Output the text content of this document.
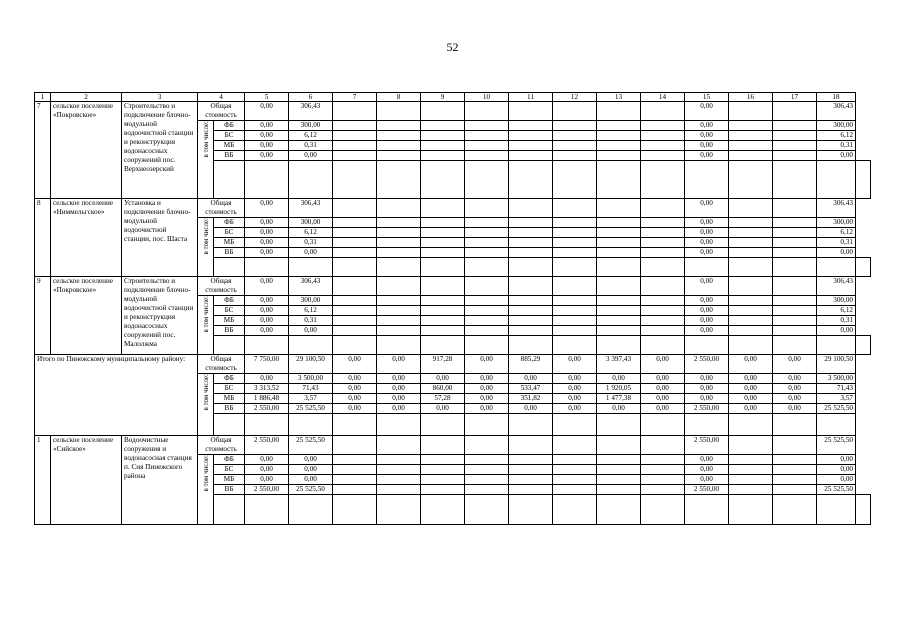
52
1	2	3	4		5	6	7	8	9	10	11	12	13	14	15	16	17	18	
7	сельское поселение «Покровское»	Строительство и подключение блочно-модульной водоочистной станции и реконструкция водонасосных сооружений пос. Верхнеозерский	Общая стоимость		0,00	306,43									0,00			306,43	
			в том числе:	ФБ	0,00	300,00									0,00			300,00	
				БС	0,00	6,12									0,00			6,12	
				МБ	0,00	0,31									0,00			0,31	
				ВБ	0,00	0,00									0,00			0,00	

8	сельское поселение «Ниммельгское»	Установка и подключение блочно-модульной водоочистной станции, пос. Шаста	Общая стоимость		0,00	306,43									0,00			306,43	
			в том числе:	ФБ	0,00	300,00									0,00			300,00	
				БС	0,00	6,12									0,00			6,12	
				МБ	0,00	0,31									0,00			0,31	
				ВБ	0,00	0,00									0,00			0,00	

9	сельское поселение «Покровское»	Строительство и подключение блочно-модульной водоочистной станции и реконструкция водонасосных сооружений пос. Малолжма	Общая стоимость		0,00	306,43									0,00			306,43	
			в том числе:	ФБ	0,00	300,00									0,00			300,00	
				БС	0,00	6,12									0,00			6,12	
				МБ	0,00	0,31									0,00			0,31	
				ВБ	0,00	0,00									0,00			0,00	

Итого по Пинежскому муниципальному району:			Общая стоимость		7 750,00	29 100,50	0,00	0,00	917,28	0,00	885,29	0,00	3 397,43	0,00	2 550,00	0,00	0,00	29 100,50	
			в том числе:	ФБ	0,00	3 500,00	0,00	0,00	0,00	0,00	0,00	0,00	0,00	0,00	0,00	0,00	0,00	3 500,00	
				БС	3 313,52	71,43	0,00	0,00	860,00	0,00	533,47	0,00	1 920,05	0,00	0,00	0,00	0,00	71,43	
				МБ	1 886,48	3,57	0,00	0,00	57,28	0,00	351,82	0,00	1 477,38	0,00	0,00	0,00	0,00	3,57	
				ВБ	2 550,00	25 525,50	0,00	0,00	0,00	0,00	0,00	0,00	0,00	0,00	2 550,00	0,00	0,00	25 525,50	

1	сельское поселение «Сийское»	Водоочистные сооружения и водонасосная станция п. Сия Пинежского района	Общая стоимость		2 550,00	25 525,50									2 550,00			25 525,50	
			в том числе:	ФБ	0,00	0,00									0,00			0,00	
				БС	0,00	0,00									0,00			0,00	
				МБ	0,00	0,00									0,00			0,00	
				ВБ	2 550,00	25 525,50									2 550,00			25 525,50	
